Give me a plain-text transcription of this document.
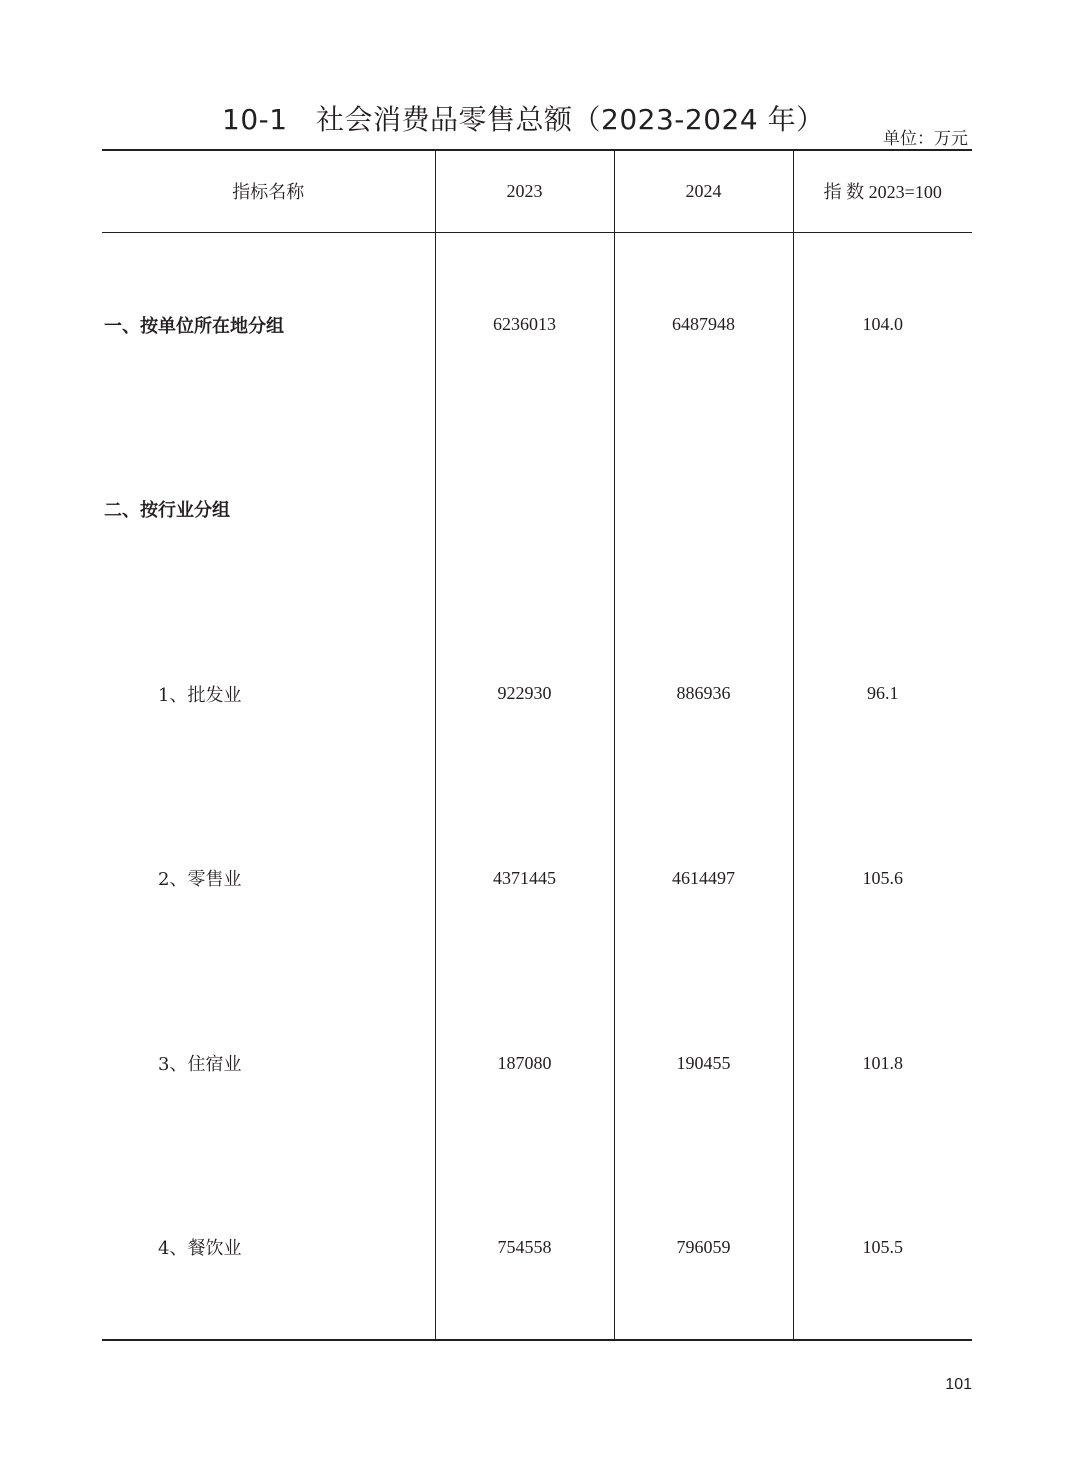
10-1　社会消费品零售总额（2023-2024 年）
单位：万元
指标名称	2023	2024	指 数 2023=100
一、按单位所在地分组	6236013	6487948	104.0
二、按行业分组			
1、批发业	922930	886936	96.1
2、零售业	4371445	4614497	105.6
3、住宿业	187080	190455	101.8
4、餐饮业	754558	796059	105.5
101
